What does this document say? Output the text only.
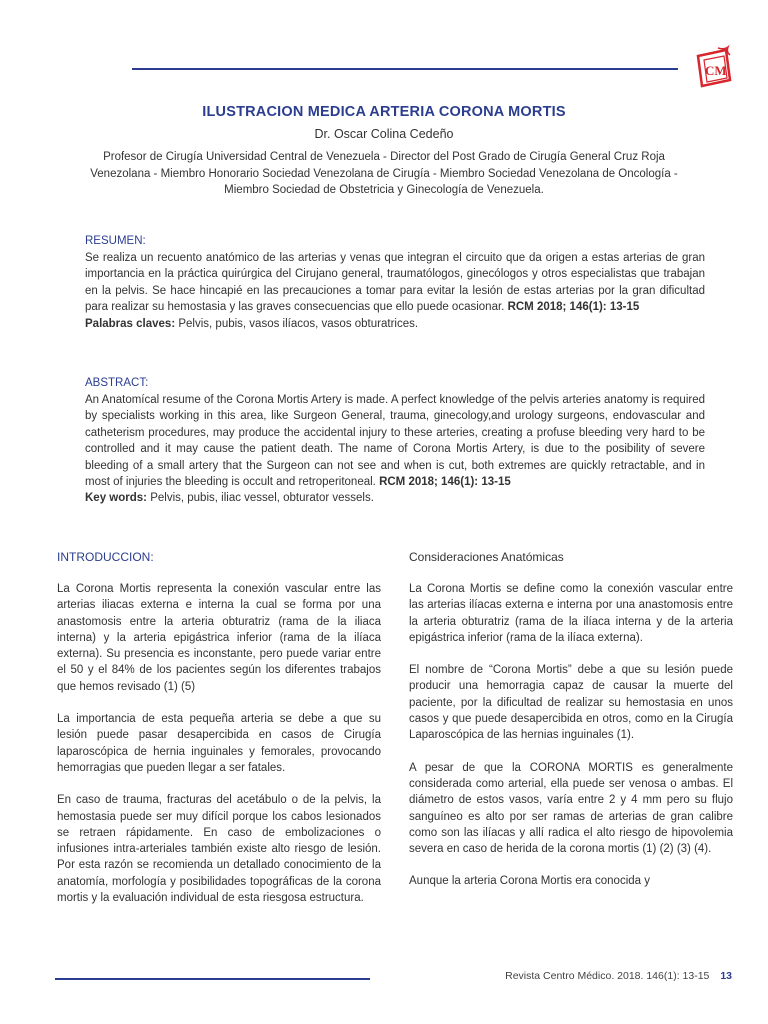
CM
ILUSTRACION MEDICA ARTERIA CORONA MORTIS
Dr. Oscar Colina Cedeño
Profesor de Cirugía Universidad Central de Venezuela - Director del Post Grado de Cirugía General Cruz Roja Venezolana - Miembro Honorario Sociedad Venezolana de Cirugía - Miembro Sociedad Venezolana de Oncología - Miembro Sociedad de Obstetricia y Ginecología de Venezuela.
RESUMEN:
Se realiza un recuento anatómico de las arterias y venas que integran el circuito que da origen a estas arterias de gran importancia en la práctica quirúrgica del Cirujano general, traumatólogos, ginecólogos y otros especialistas que trabajan en la pelvis. Se hace hincapié en las precauciones a tomar para evitar la lesión de estas arterias por la gran dificultad para realizar su hemostasia y las graves consecuencias que ello puede ocasionar. RCM 2018; 146(1): 13-15
Palabras claves: Pelvis, pubis, vasos ilíacos, vasos obturatrices.
ABSTRACT:
An Anatomícal resume of the Corona Mortis Artery is made. A perfect knowledge of the pelvis arteries anatomy is required by specialists working in this area, like Surgeon General, trauma, ginecology,and urology surgeons, endovascular and catheterism procedures, may produce the accidental injury to these arteries, creating a profuse bleeding very hard to be controlled and it may cause the patient death. The name of Corona Mortis Artery, is due to the posibility of severe bleeding of a small artery that the Surgeon can not see and when is cut, both extremes are quickly retractable, and in most of injuries the bleeding is occult and retroperitoneal. RCM 2018; 146(1): 13-15
Key words: Pelvis, pubis, iliac vessel, obturator vessels.
INTRODUCCION:

La Corona Mortis representa la conexión vascular entre las arterias iliacas externa e interna la cual se forma por una anastomosis entre la arteria obturatriz (rama de la iliaca interna) y la arteria epigástrica inferior (rama de la ilíaca externa). Su presencia es inconstante, pero puede variar entre el 50 y el 84% de los pacientes según los diferentes trabajos que hemos revisado (1) (5)

La importancia de esta pequeña arteria se debe a que su lesión puede pasar desapercibida en casos de Cirugía laparoscópica de hernia inguinales y femorales, provocando hemorragias que pueden llegar a ser fatales.

En caso de trauma, fracturas del acetábulo o de la pelvis, la hemostasia puede ser muy difícil porque los cabos lesionados se retraen rápidamente. En caso de embolizaciones o infusiones intra-arteriales también existe alto riesgo de lesión. Por esta razón se recomienda un detallado conocimiento de la anatomía, morfología y posibilidades topográficas de la corona mortis y la evaluación individual de esta riesgosa estructura.

Consideraciones Anatómicas

La Corona Mortis se define como la conexión vascular entre las arterias ilíacas externa e interna por una anastomosis entre la arteria obturatriz (rama de la ilíaca interna y de la arteria epigástrica inferior (rama de la ilíaca externa).

El nombre de “Corona Mortis” debe a que su lesión puede producir una hemorragia capaz de causar la muerte del paciente, por la dificultad de realizar su hemostasia en unos casos y que puede desapercibida en otros, como en la Cirugía Laparoscópica de las hernias inguinales (1).

A pesar de que la CORONA MORTIS es generalmente considerada como arterial, ella puede ser venosa o ambas. El diámetro de estos vasos, varía entre 2 y 4 mm pero su flujo sanguíneo es alto por ser ramas de arterias de gran calibre como son las ilíacas y allí radica el alto riesgo de hipovolemia severa en caso de herida de la corona mortis (1) (2) (3) (4).

Aunque la arteria Corona Mortis era conocida y

Revista Centro Médico. 2018. 146(1): 13-15 13
